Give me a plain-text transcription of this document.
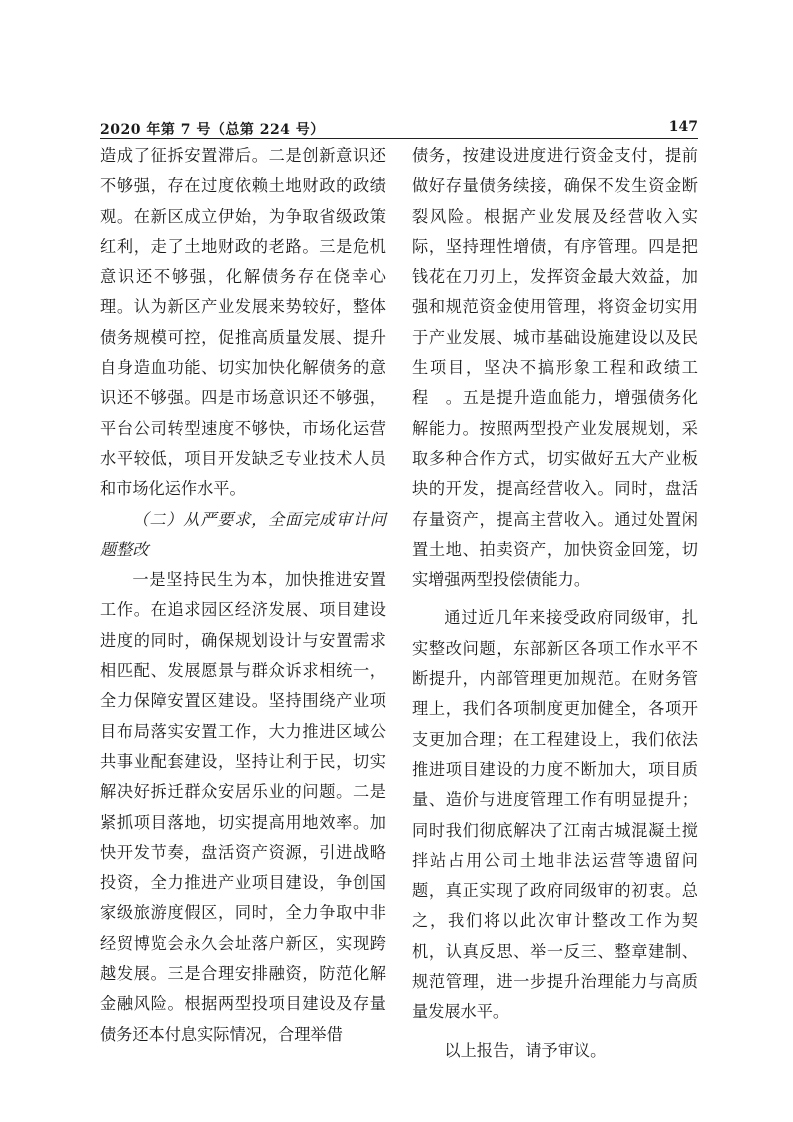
2020 年第 7 号（总第 224 号）	147

造成了征拆安置滞后。二是创新意识还不够强，存在过度依赖土地财政的政绩观。在新区成立伊始，为争取省级政策红利，走了土地财政的老路。三是危机意识还不够强，化解债务存在侥幸心理。认为新区产业发展来势较好，整体债务规模可控，促推高质量发展、提升自身造血功能、切实加快化解债务的意识还不够强。四是市场意识还不够强，平台公司转型速度不够快，市场化运营水平较低，项目开发缺乏专业技术人员和市场化运作水平。

（二）从严要求，全面完成审计问题整改

一是坚持民生为本，加快推进安置工作。在追求园区经济发展、项目建设进度的同时，确保规划设计与安置需求相匹配、发展愿景与群众诉求相统一，全力保障安置区建设。坚持围绕产业项目布局落实安置工作，大力推进区域公共事业配套建设，坚持让利于民，切实解决好拆迁群众安居乐业的问题。二是紧抓项目落地，切实提高用地效率。加快开发节奏，盘活资产资源，引进战略投资，全力推进产业项目建设，争创国家级旅游度假区，同时，全力争取中非经贸博览会永久会址落户新区，实现跨越发展。三是合理安排融资，防范化解金融风险。根据两型投项目建设及存量债务还本付息实际情况，合理举借

债务，按建设进度进行资金支付，提前做好存量债务续接，确保不发生资金断裂风险。根据产业发展及经营收入实际，坚持理性增债，有序管理。四是把钱花在刀刃上，发挥资金最大效益，加强和规范资金使用管理，将资金切实用于产业发展、城市基础设施建设以及民生项目，坚决不搞形象工程和政绩工程　。五是提升造血能力，增强债务化解能力。按照两型投产业发展规划，采取多种合作方式，切实做好五大产业板块的开发，提高经营收入。同时，盘活存量资产，提高主营收入。通过处置闲置土地、拍卖资产，加快资金回笼，切实增强两型投偿债能力。

通过近几年来接受政府同级审，扎实整改问题，东部新区各项工作水平不断提升，内部管理更加规范。在财务管理上，我们各项制度更加健全，各项开支更加合理；在工程建设上，我们依法推进项目建设的力度不断加大，项目质量、造价与进度管理工作有明显提升；同时我们彻底解决了江南古城混凝土搅拌站占用公司土地非法运营等遗留问题，真正实现了政府同级审的初衷。总之，我们将以此次审计整改工作为契机，认真反思、举一反三、整章建制、规范管理，进一步提升治理能力与高质量发展水平。

以上报告，请予审议。
